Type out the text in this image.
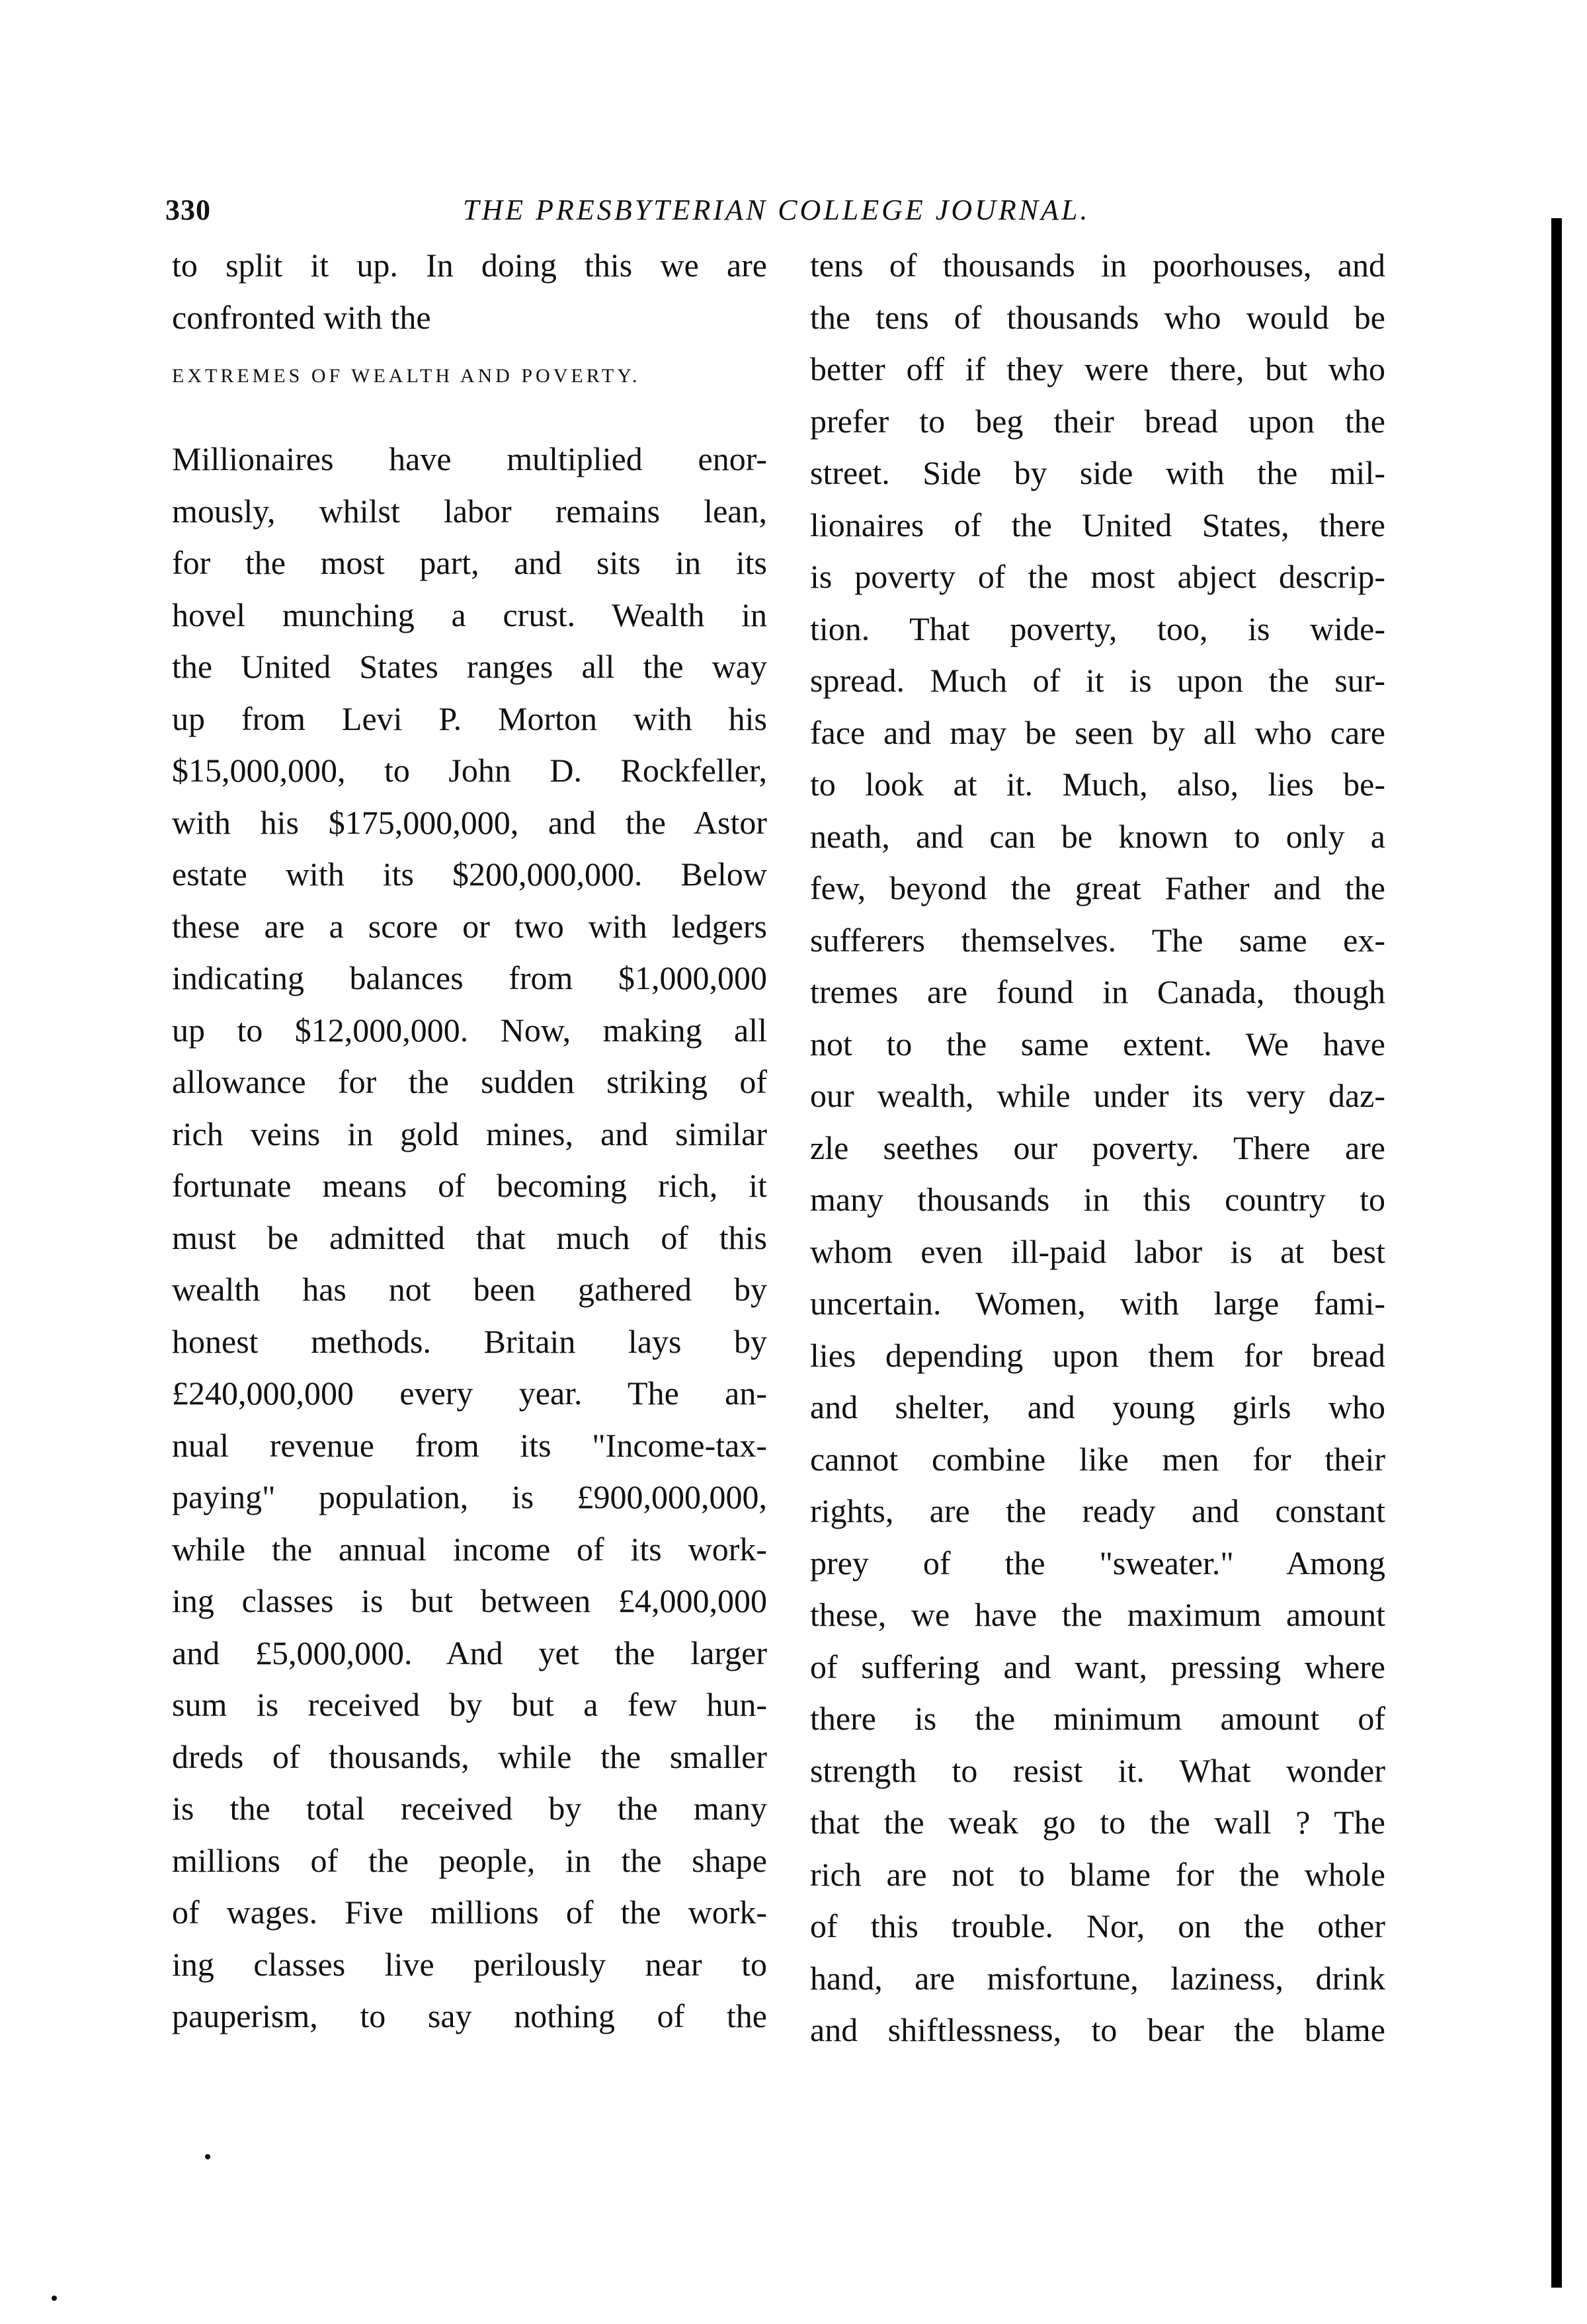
330	THE PRESBYTERIAN COLLEGE JOURNAL.
to split it up. In doing this we are
confronted with the
EXTREMES OF WEALTH AND POVERTY.
Millionaires have multiplied enor-
mously, whilst labor remains lean,
for the most part, and sits in its
hovel munching a crust. Wealth in
the United States ranges all the way
up from Levi P. Morton with his
$15,000,000, to John D. Rockfeller,
with his $175,000,000, and the Astor
estate with its $200,000,000. Below
these are a score or two with ledgers
indicating balances from $1,000,000
up to $12,000,000. Now, making all
allowance for the sudden striking of
rich veins in gold mines, and similar
fortunate means of becoming rich, it
must be admitted that much of this
wealth has not been gathered by
honest methods. Britain lays by
£240,000,000 every year. The an-
nual revenue from its "Income-tax-
paying" population, is £900,000,000,
while the annual income of its work-
ing classes is but between £4,000,000
and £5,000,000. And yet the larger
sum is received by but a few hun-
dreds of thousands, while the smaller
is the total received by the many
millions of the people, in the shape
of wages. Five millions of the work-
ing classes live perilously near to
pauperism, to say nothing of the
tens of thousands in poorhouses, and
the tens of thousands who would be
better off if they were there, but who
prefer to beg their bread upon the
street. Side by side with the mil-
lionaires of the United States, there
is poverty of the most abject descrip-
tion. That poverty, too, is wide-
spread. Much of it is upon the sur-
face and may be seen by all who care
to look at it. Much, also, lies be-
neath, and can be known to only a
few, beyond the great Father and the
sufferers themselves. The same ex-
tremes are found in Canada, though
not to the same extent. We have
our wealth, while under its very daz-
zle seethes our poverty. There are
many thousands in this country to
whom even ill-paid labor is at best
uncertain. Women, with large fami-
lies depending upon them for bread
and shelter, and young girls who
cannot combine like men for their
rights, are the ready and constant
prey of the "sweater." Among
these, we have the maximum amount
of suffering and want, pressing where
there is the minimum amount of
strength to resist it. What wonder
that the weak go to the wall ? The
rich are not to blame for the whole
of this trouble. Nor, on the other
hand, are misfortune, laziness, drink
and shiftlessness, to bear the blame
